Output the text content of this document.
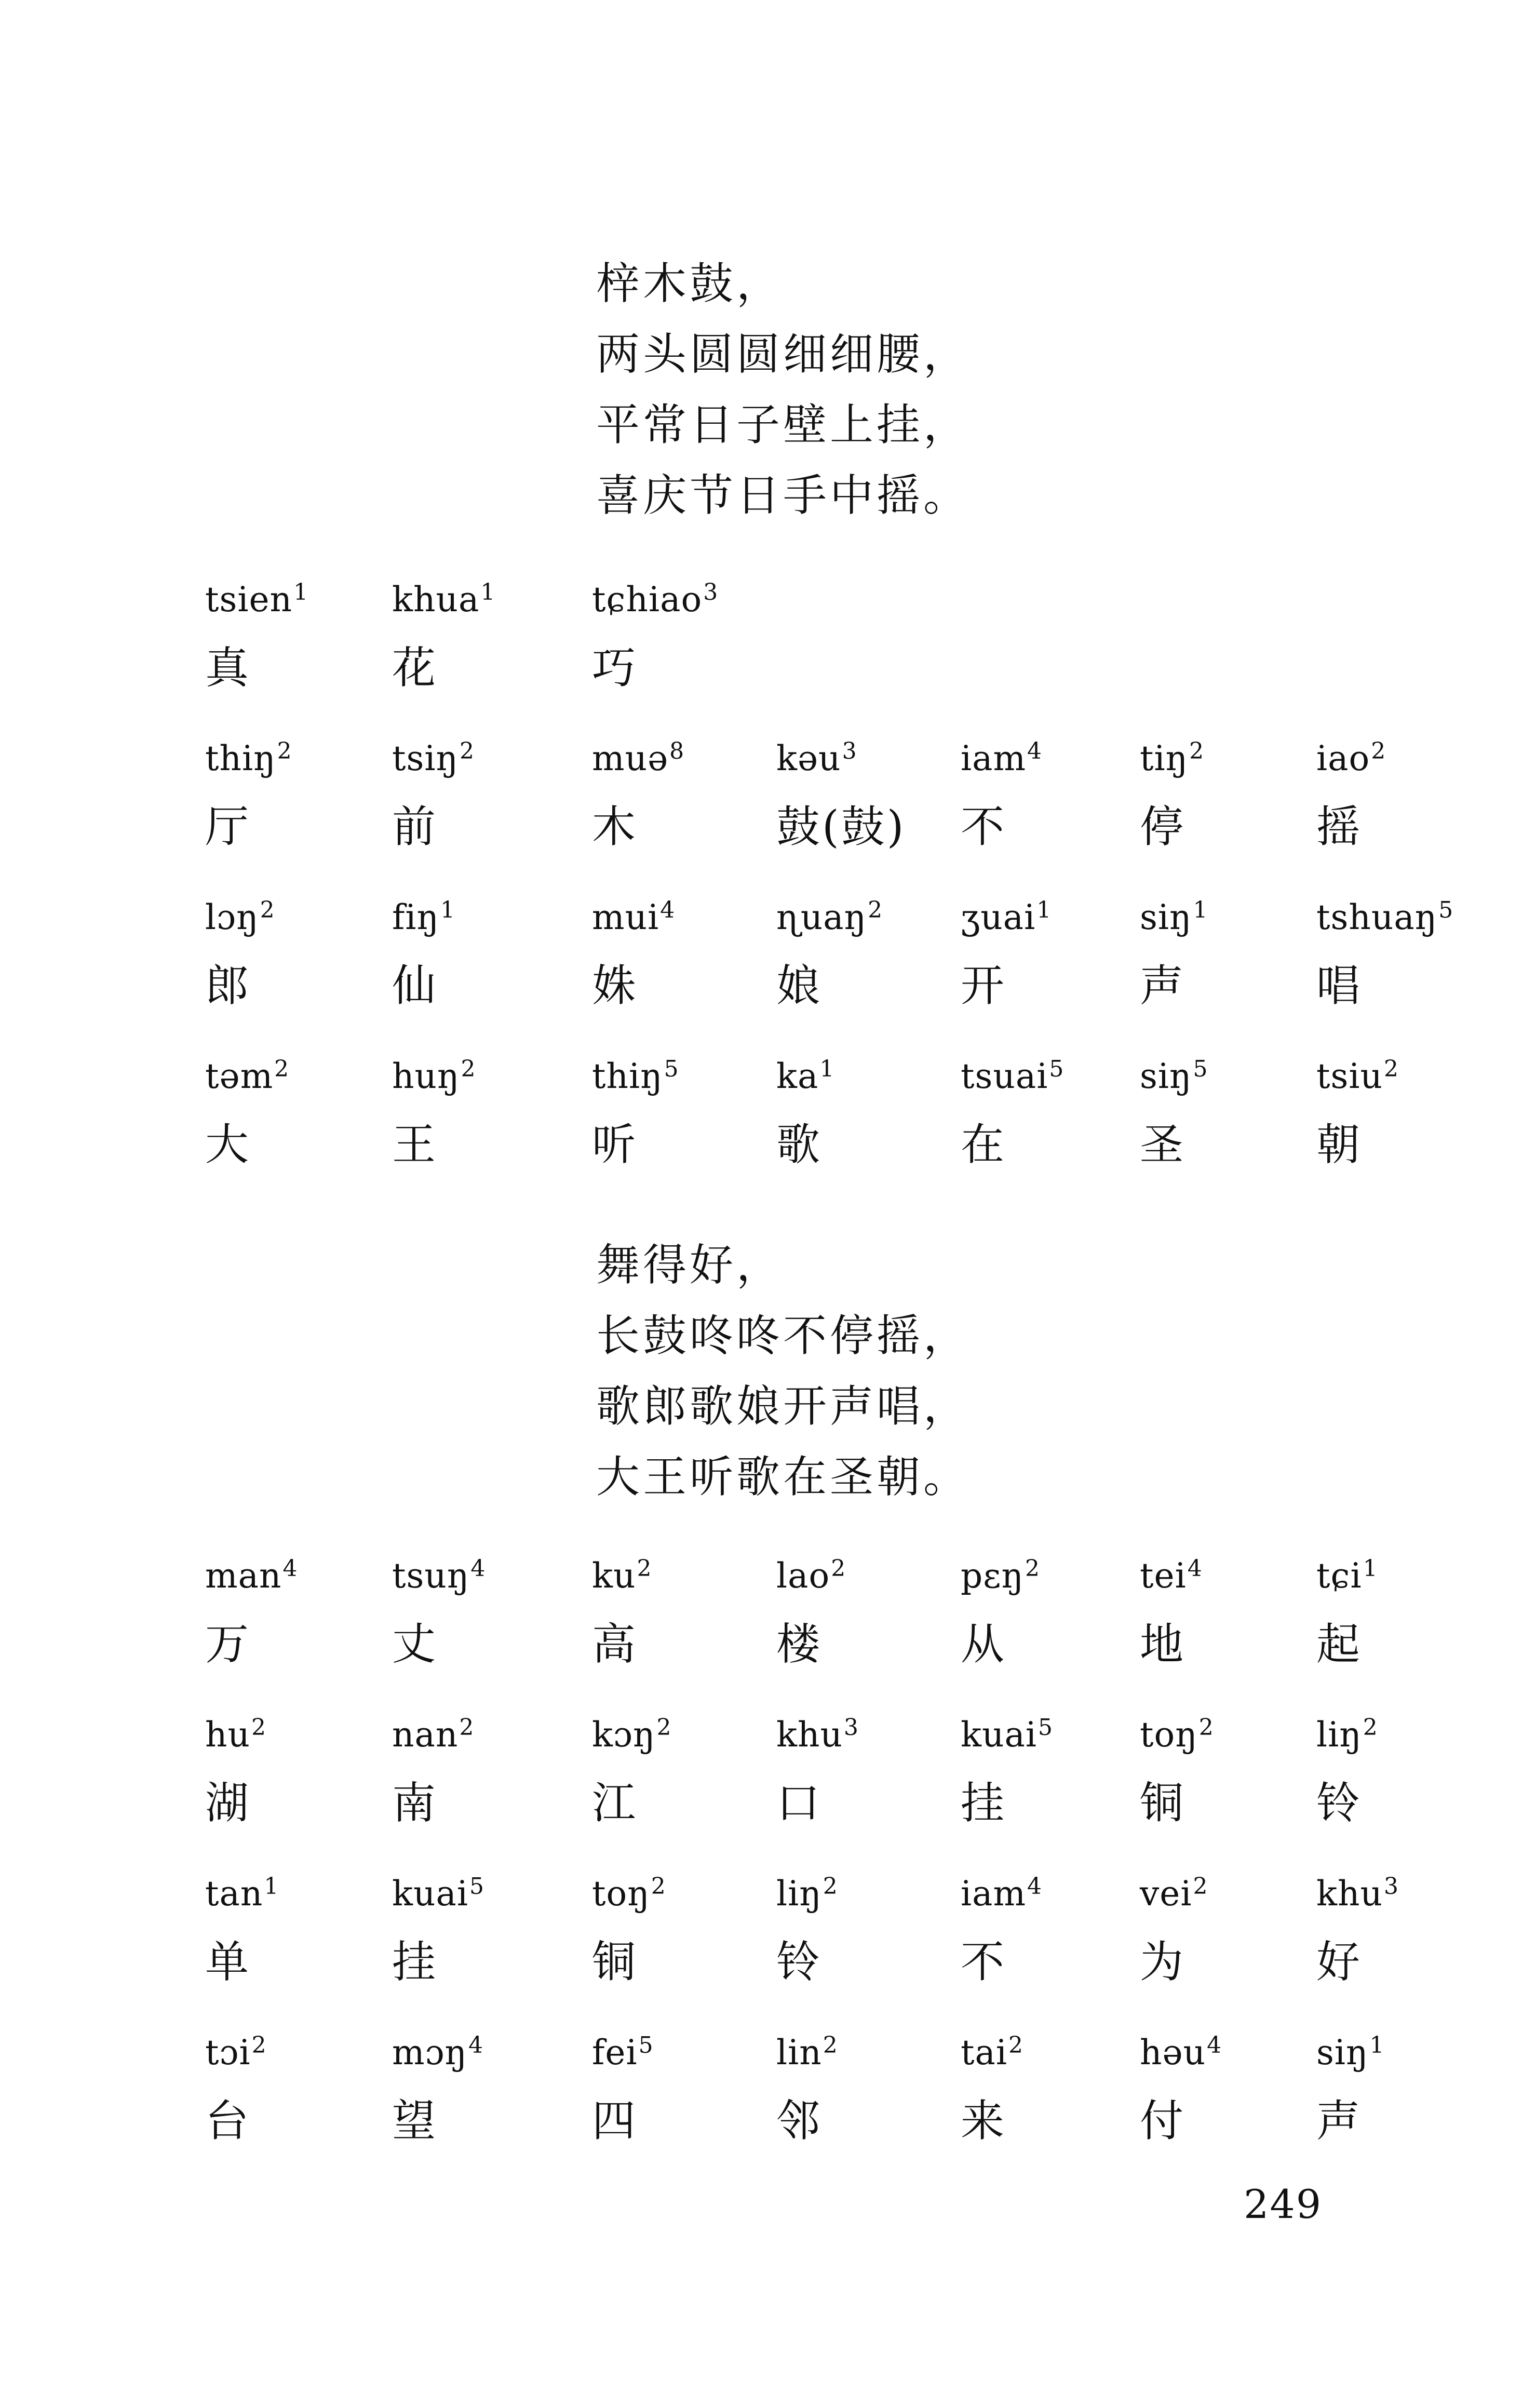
梓木鼓，
两头圆圆细细腰，
平常日子壁上挂，
喜庆节日手中摇。
tsien$^1$
真
khua$^1$
花
tɕhiao$^3$
巧
thiŋ$^2$
厅
tsiŋ$^2$
前
muə$^8$
木
kəu$^3$
鼓(鼓)
iam$^4$
不
tiŋ$^2$
停
iao$^2$
摇
lɔŋ$^2$
郎
fiŋ$^1$
仙
mui$^4$
姝
ɳuaŋ$^2$
娘
ʒuai$^1$
开
siŋ$^1$
声
tshuaŋ$^5$
唱
təm$^2$
大
huŋ$^2$
王
thiŋ$^5$
听
$ka^1$
歌
tsuai$^5$
在
siŋ$^5$
圣
tsiu$^2$
朝
舞得好，
长鼓咚咚不停摇，
歌郎歌娘开声唱，
大王听歌在圣朝。
man$^4$
万
tsuŋ$^4$
丈
$ku^2$
高
lao$^2$
楼
pɛŋ$^2$
从
tei$^4$
地
tɕi$^1$
起
$hu^2$
湖
nan$^2$
南
kɔŋ$^2$
江
khu$^3$
口
kuai$^5$
挂
toŋ$^2$
铜
liŋ$^2$
铃
$\tan^1$
单
kuai$^5$
挂
toŋ$^2$
铜
liŋ$^2$
铃
iam$^4$
不
vei$^2$
为
khu$^3$
好
tɔi$^2$
台
mɔŋ$^4$
望
fei$^5$
四
lin$^2$
邻
tai$^2$
来
həu$^4$
付
siŋ$^1$
声
249
